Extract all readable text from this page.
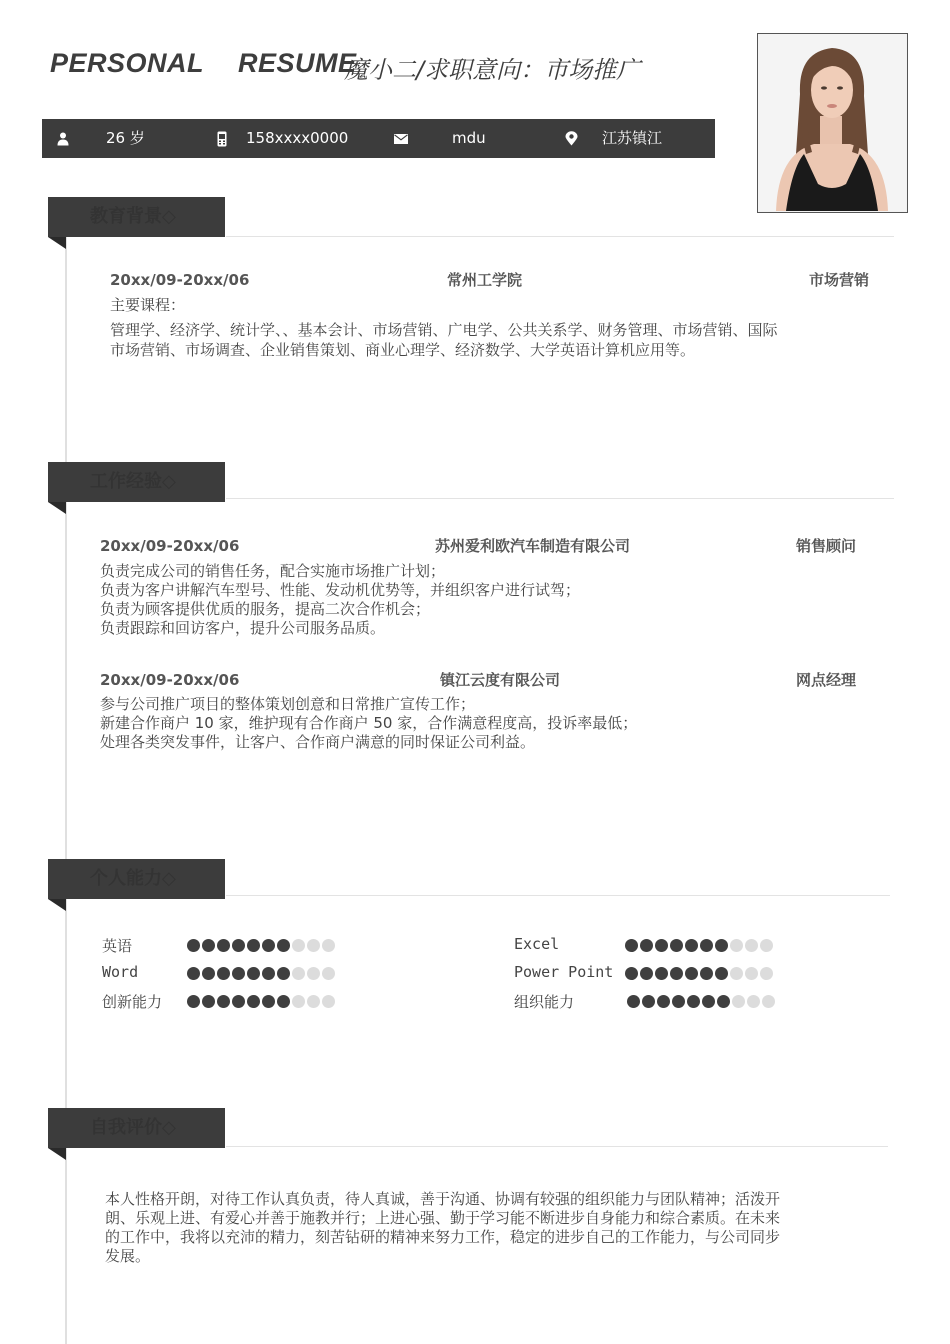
PERSONAL RESUME
魔小二/求职意向：市场推广
26 岁	158xxxx0000	mdu	江苏镇江
教育背景◇
20xx/09-20xx/06	常州工学院	市场营销
主要课程：
管理学、经济学、统计学、、基本会计、市场营销、广电学、公共关系学、财务管理、市场营销、国际
市场营销、市场调查、企业销售策划、商业心理学、经济数学、大学英语计算机应用等。
工作经验◇
20xx/09-20xx/06	苏州爱利欧汽车制造有限公司	销售顾问
负责完成公司的销售任务，配合实施市场推广计划；
负责为客户讲解汽车型号、性能、发动机优势等，并组织客户进行试驾；
负责为顾客提供优质的服务，提高二次合作机会；
负责跟踪和回访客户，提升公司服务品质。
20xx/09-20xx/06	镇江云度有限公司	网点经理
参与公司推广项目的整体策划创意和日常推广宣传工作；
新建合作商户 10 家，维护现有合作商户 50 家，合作满意程度高，投诉率最低；
处理各类突发事件，让客户、合作商户满意的同时保证公司利益。
个人能力◇
英语
Word
创新能力
Excel
Power Point
组织能力
自我评价◇
本人性格开朗，对待工作认真负责，待人真诚，善于沟通、协调有较强的组织能力与团队精神；活泼开
朗、乐观上进、有爱心并善于施教并行；上进心强、勤于学习能不断进步自身能力和综合素质。在未来
的工作中，我将以充沛的精力，刻苦钻研的精神来努力工作，稳定的进步自己的工作能力，与公司同步
发展。
